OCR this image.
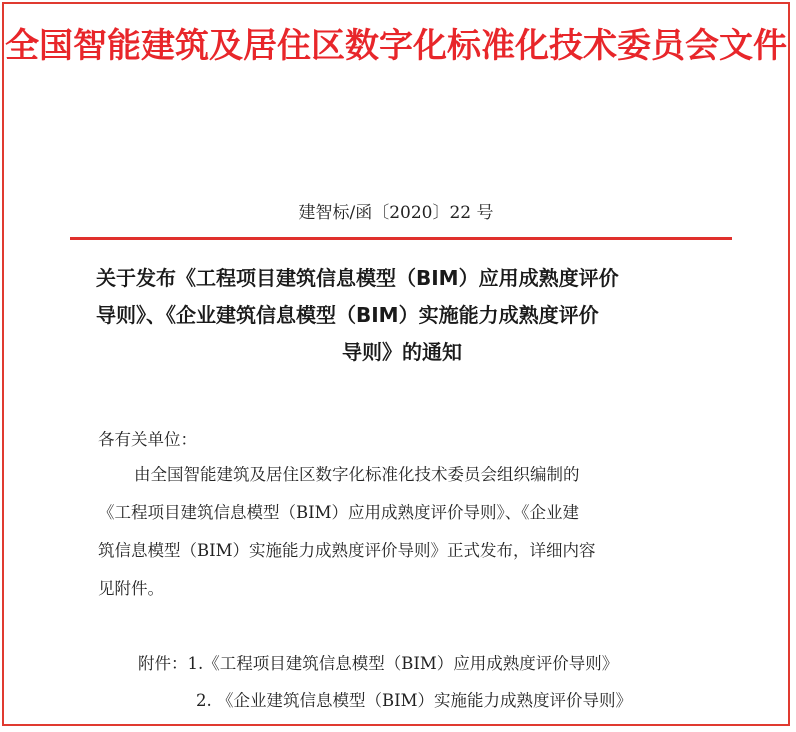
全国智能建筑及居住区数字化标准化技术委员会文件
建智标/函〔2020〕22 号
关于发布《工程项目建筑信息模型（BIM）应用成熟度评价
导则》、《企业建筑信息模型（BIM）实施能力成熟度评价
导则》的通知
各有关单位：
由全国智能建筑及居住区数字化标准化技术委员会组织编制的
《工程项目建筑信息模型（BIM）应用成熟度评价导则》、《企业建
筑信息模型（BIM）实施能力成熟度评价导则》正式发布，详细内容
见附件。
附件：1.《工程项目建筑信息模型（BIM）应用成熟度评价导则》
2. 《企业建筑信息模型（BIM）实施能力成熟度评价导则》
